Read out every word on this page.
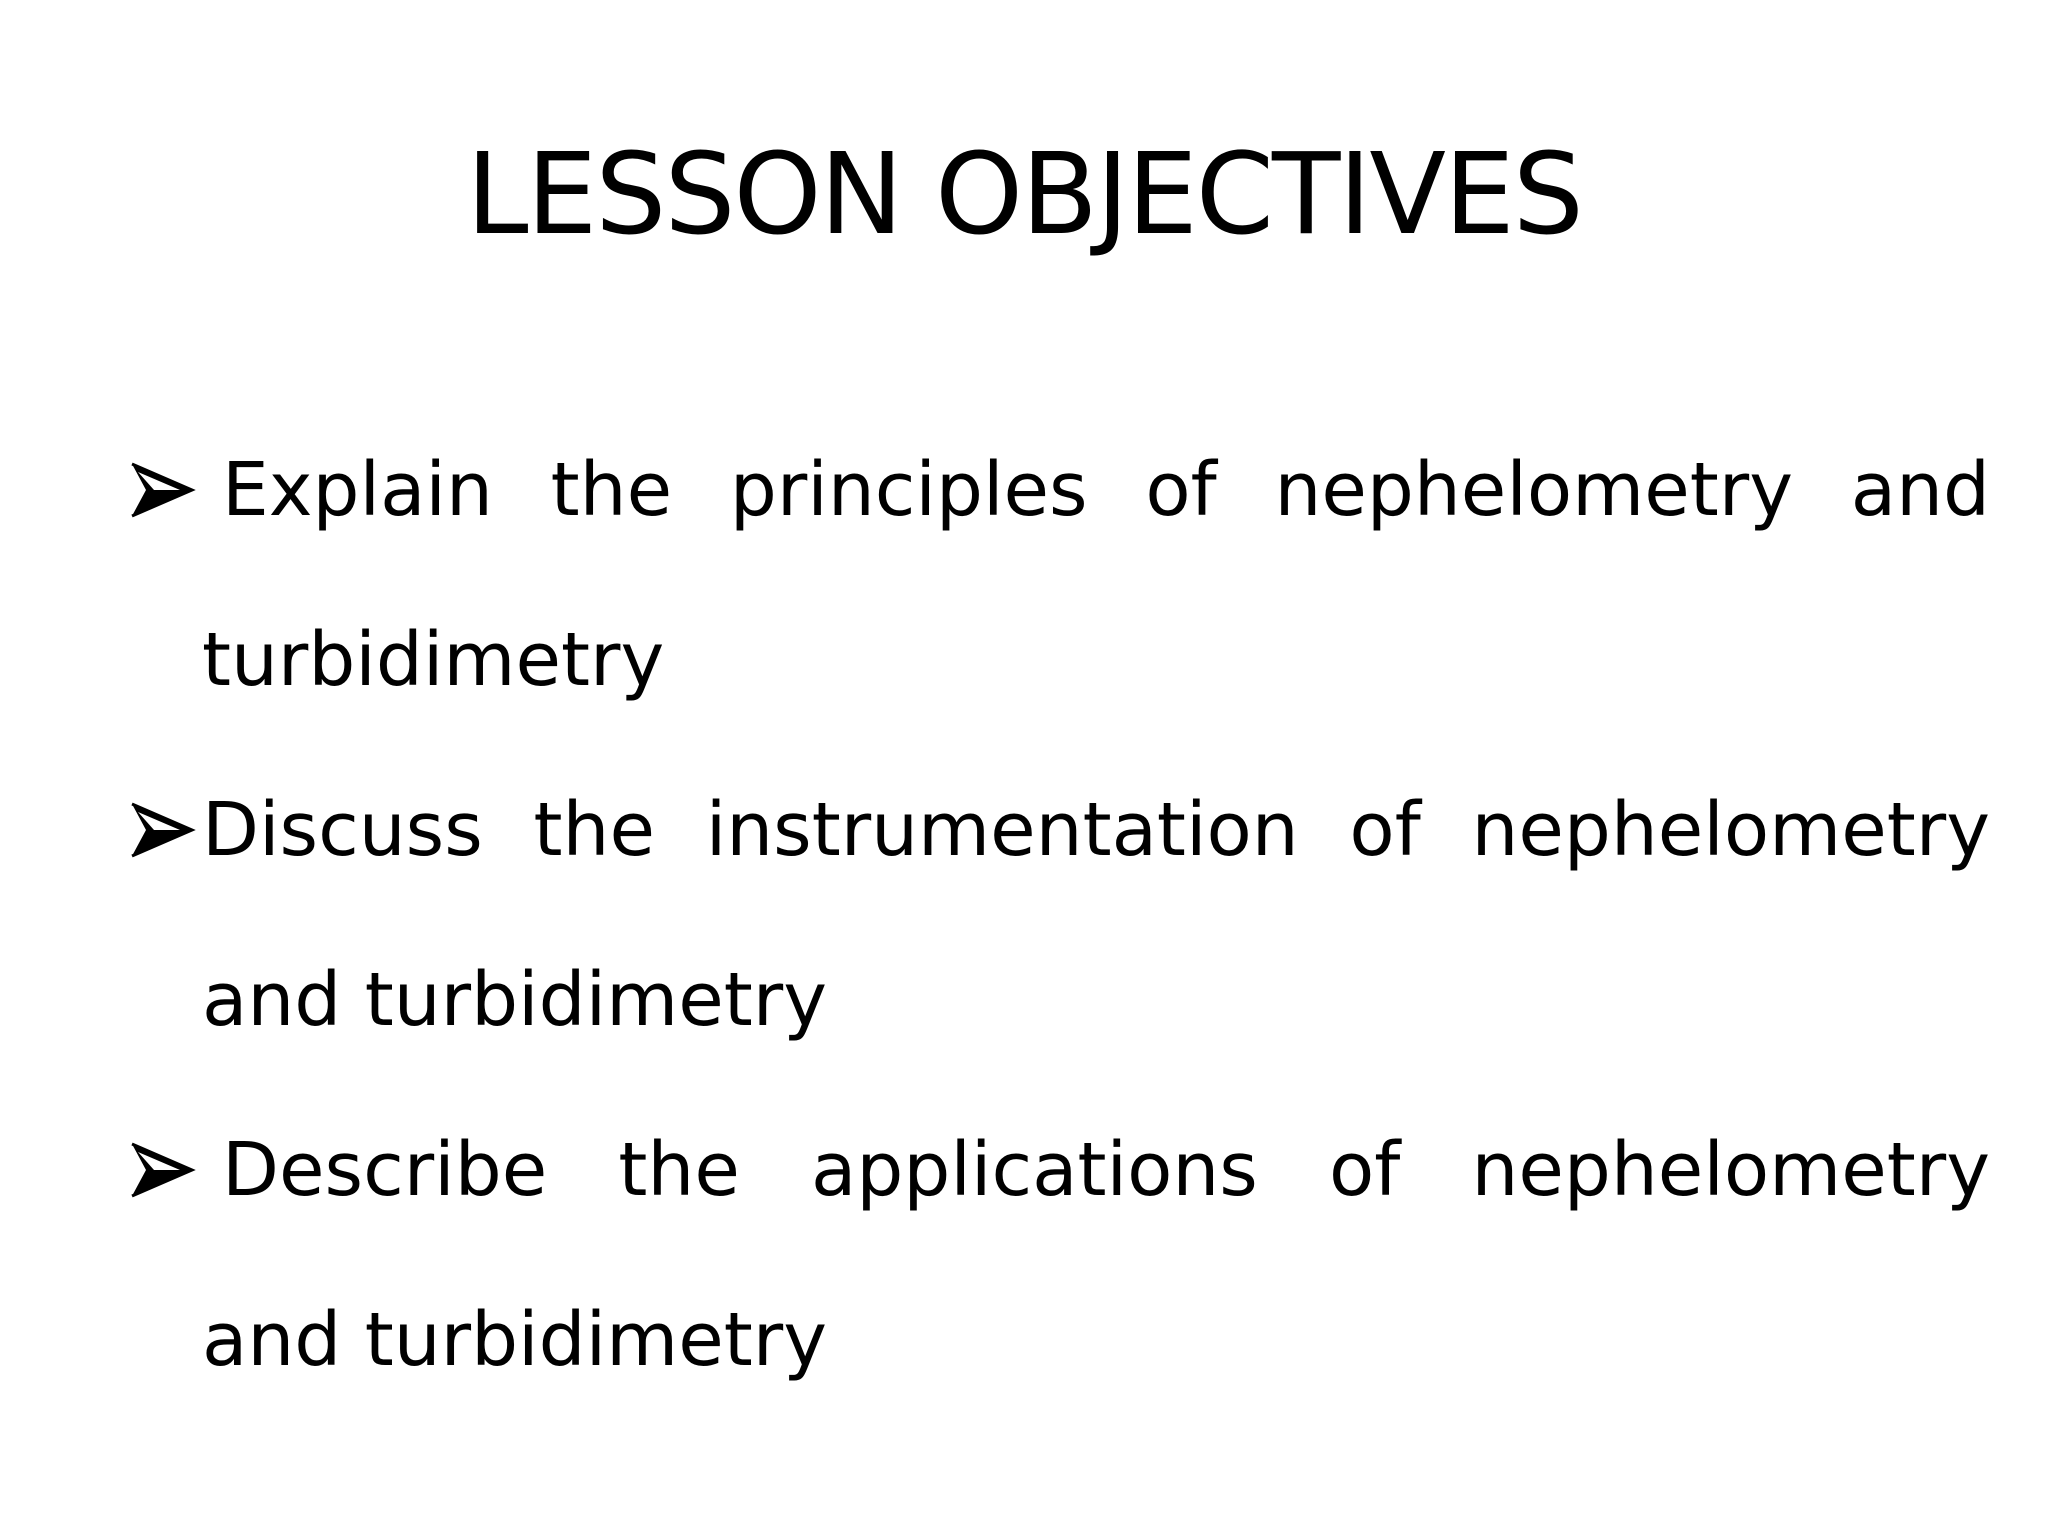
LESSON OBJECTIVES
Explain the principles of nephelometry and
turbidimetry
Discuss the instrumentation of nephelometry
and turbidimetry
Describe the applications of nephelometry
and turbidimetry
